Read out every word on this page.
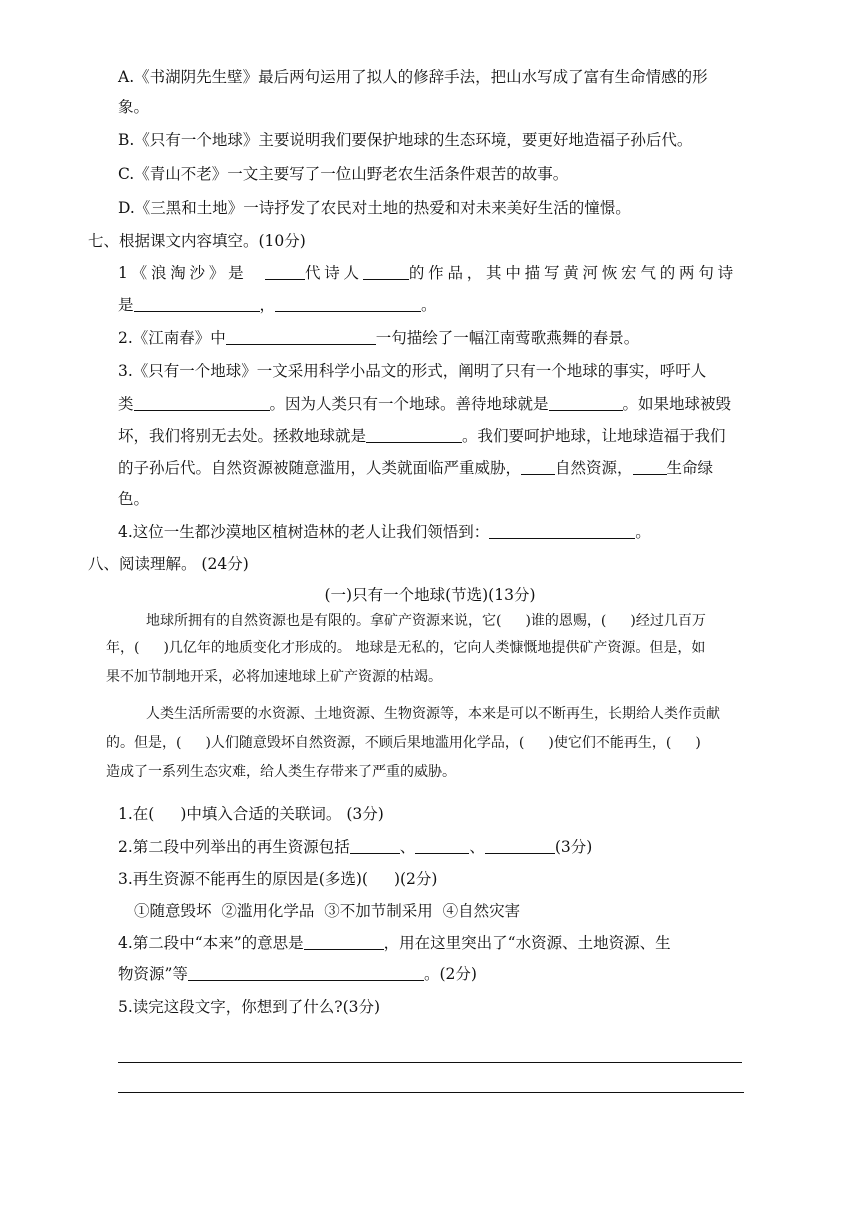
A.《书湖阴先生壁》最后两句运用了拟人的修辞手法，把山水写成了富有生命情感的形
象。
B.《只有一个地球》主要说明我们要保护地球的生态环境，要更好地造福子孙后代。
C.《青山不老》一文主要写了一位山野老农生活条件艰苦的故事。
D.《三黑和土地》一诗抒发了农民对土地的热爱和对未来美好生活的憧憬。
七、根据课文内容填空。(10分)
1《浪淘沙》是	代诗人	的作品，其中描写黄河恢宏气的两句诗
是	，	。
2.《江南春》中	一句描绘了一幅江南莺歌燕舞的春景。
3.《只有一个地球》一文采用科学小品文的形式，阐明了只有一个地球的事实，呼吁人
类	。因为人类只有一个地球。善待地球就是	。如果地球被毁
坏，我们将别无去处。拯救地球就是	。我们要呵护地球，让地球造福于我们
的子孙后代。自然资源被随意滥用，人类就面临严重威胁， 自然资源， 生命绿
色。
4.这位一生都沙漠地区植树造林的老人让我们领悟到：	。
八、阅读理解。 (24分)
(一)只有一个地球(节选)(13分)
地球所拥有的自然资源也是有限的。拿矿产资源来说，它( )谁的恩赐，( )经过几百万
年，( )几亿年的地质变化才形成的。 地球是无私的，它向人类慷慨地提供矿产资源。但是，如
果不加节制地开采，必将加速地球上矿产资源的枯竭。
人类生活所需要的水资源、土地资源、生物资源等，本来是可以不断再生，长期给人类作贡献
的。但是，( )人们随意毁坏自然资源，不顾后果地滥用化学品，( )使它们不能再生，( )
造成了一系列生态灾难，给人类生存带来了严重的威胁。
1.在( )中填入合适的关联词。 (3分)
2.第二段中列举出的再生资源包括	、	、	(3分)
3.再生资源不能再生的原因是(多选)( )(2分)
①随意毁坏  ②滥用化学品  ③不加节制采用  ④自然灾害
4.第二段中“本来”的意思是	，用在这里突出了“水资源、土地资源、生
物资源”等	。(2分)
5.读完这段文字，你想到了什么?(3分)
